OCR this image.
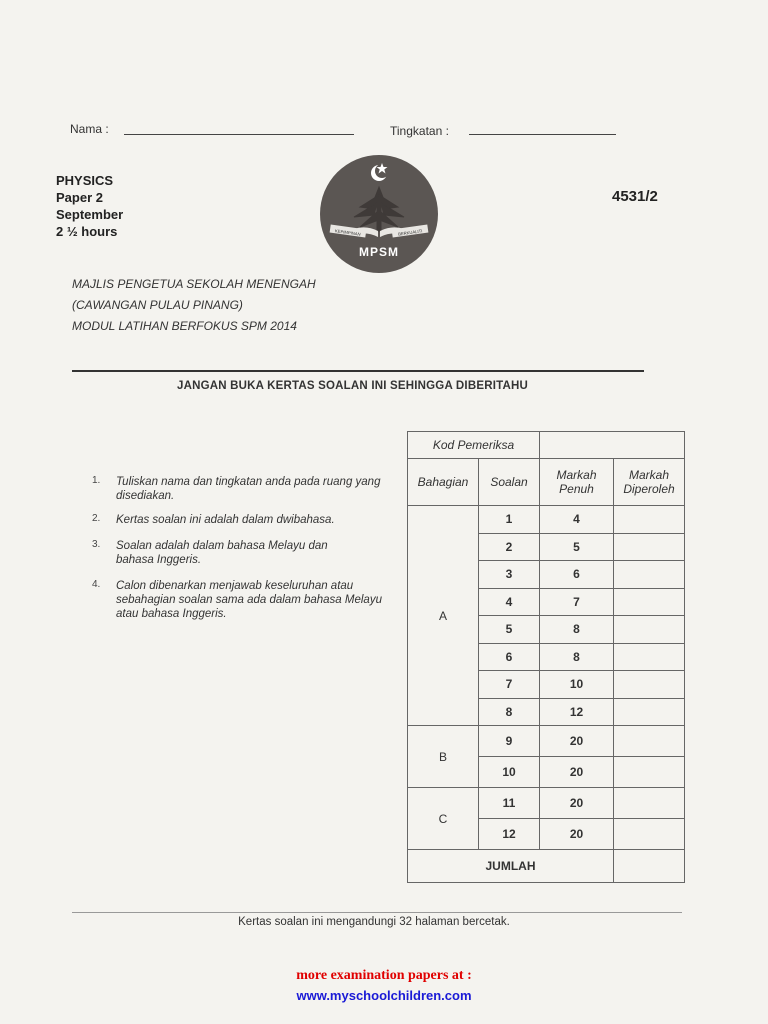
Nama :	Tingkatan :
PHYSICS
Paper 2
September
2 ½ hours
4531/2
KEPIMPINAN	BERKUALITI
MPSM
MAJLIS PENGETUA SEKOLAH MENENGAH
(CAWANGAN PULAU PINANG)
MODUL LATIHAN BERFOKUS SPM 2014
JANGAN BUKA KERTAS SOALAN INI SEHINGGA DIBERITAHU
1.	Tuliskan nama dan tingkatan anda pada ruang yang disediakan.
2.	Kertas soalan ini adalah dalam dwibahasa.
3.	Soalan adalah dalam bahasa Melayu dan bahasa Inggeris.
4.	Calon dibenarkan menjawab keseluruhan atau sebahagian soalan sama ada dalam bahasa Melayu atau bahasa Inggeris.
Kod Pemeriksa			
Bahagian	Soalan	Markah Penuh	Markah Diperoleh
A	1	4	
	2	5	
	3	6	
	4	7	
	5	8	
	6	8	
	7	10	
	8	12	
B	9	20	
	10	20	
C	11	20	
	12	20	
JUMLAH			
Kertas soalan ini mengandungi 32 halaman bercetak.
more examination papers at :
www.myschoolchildren.com
